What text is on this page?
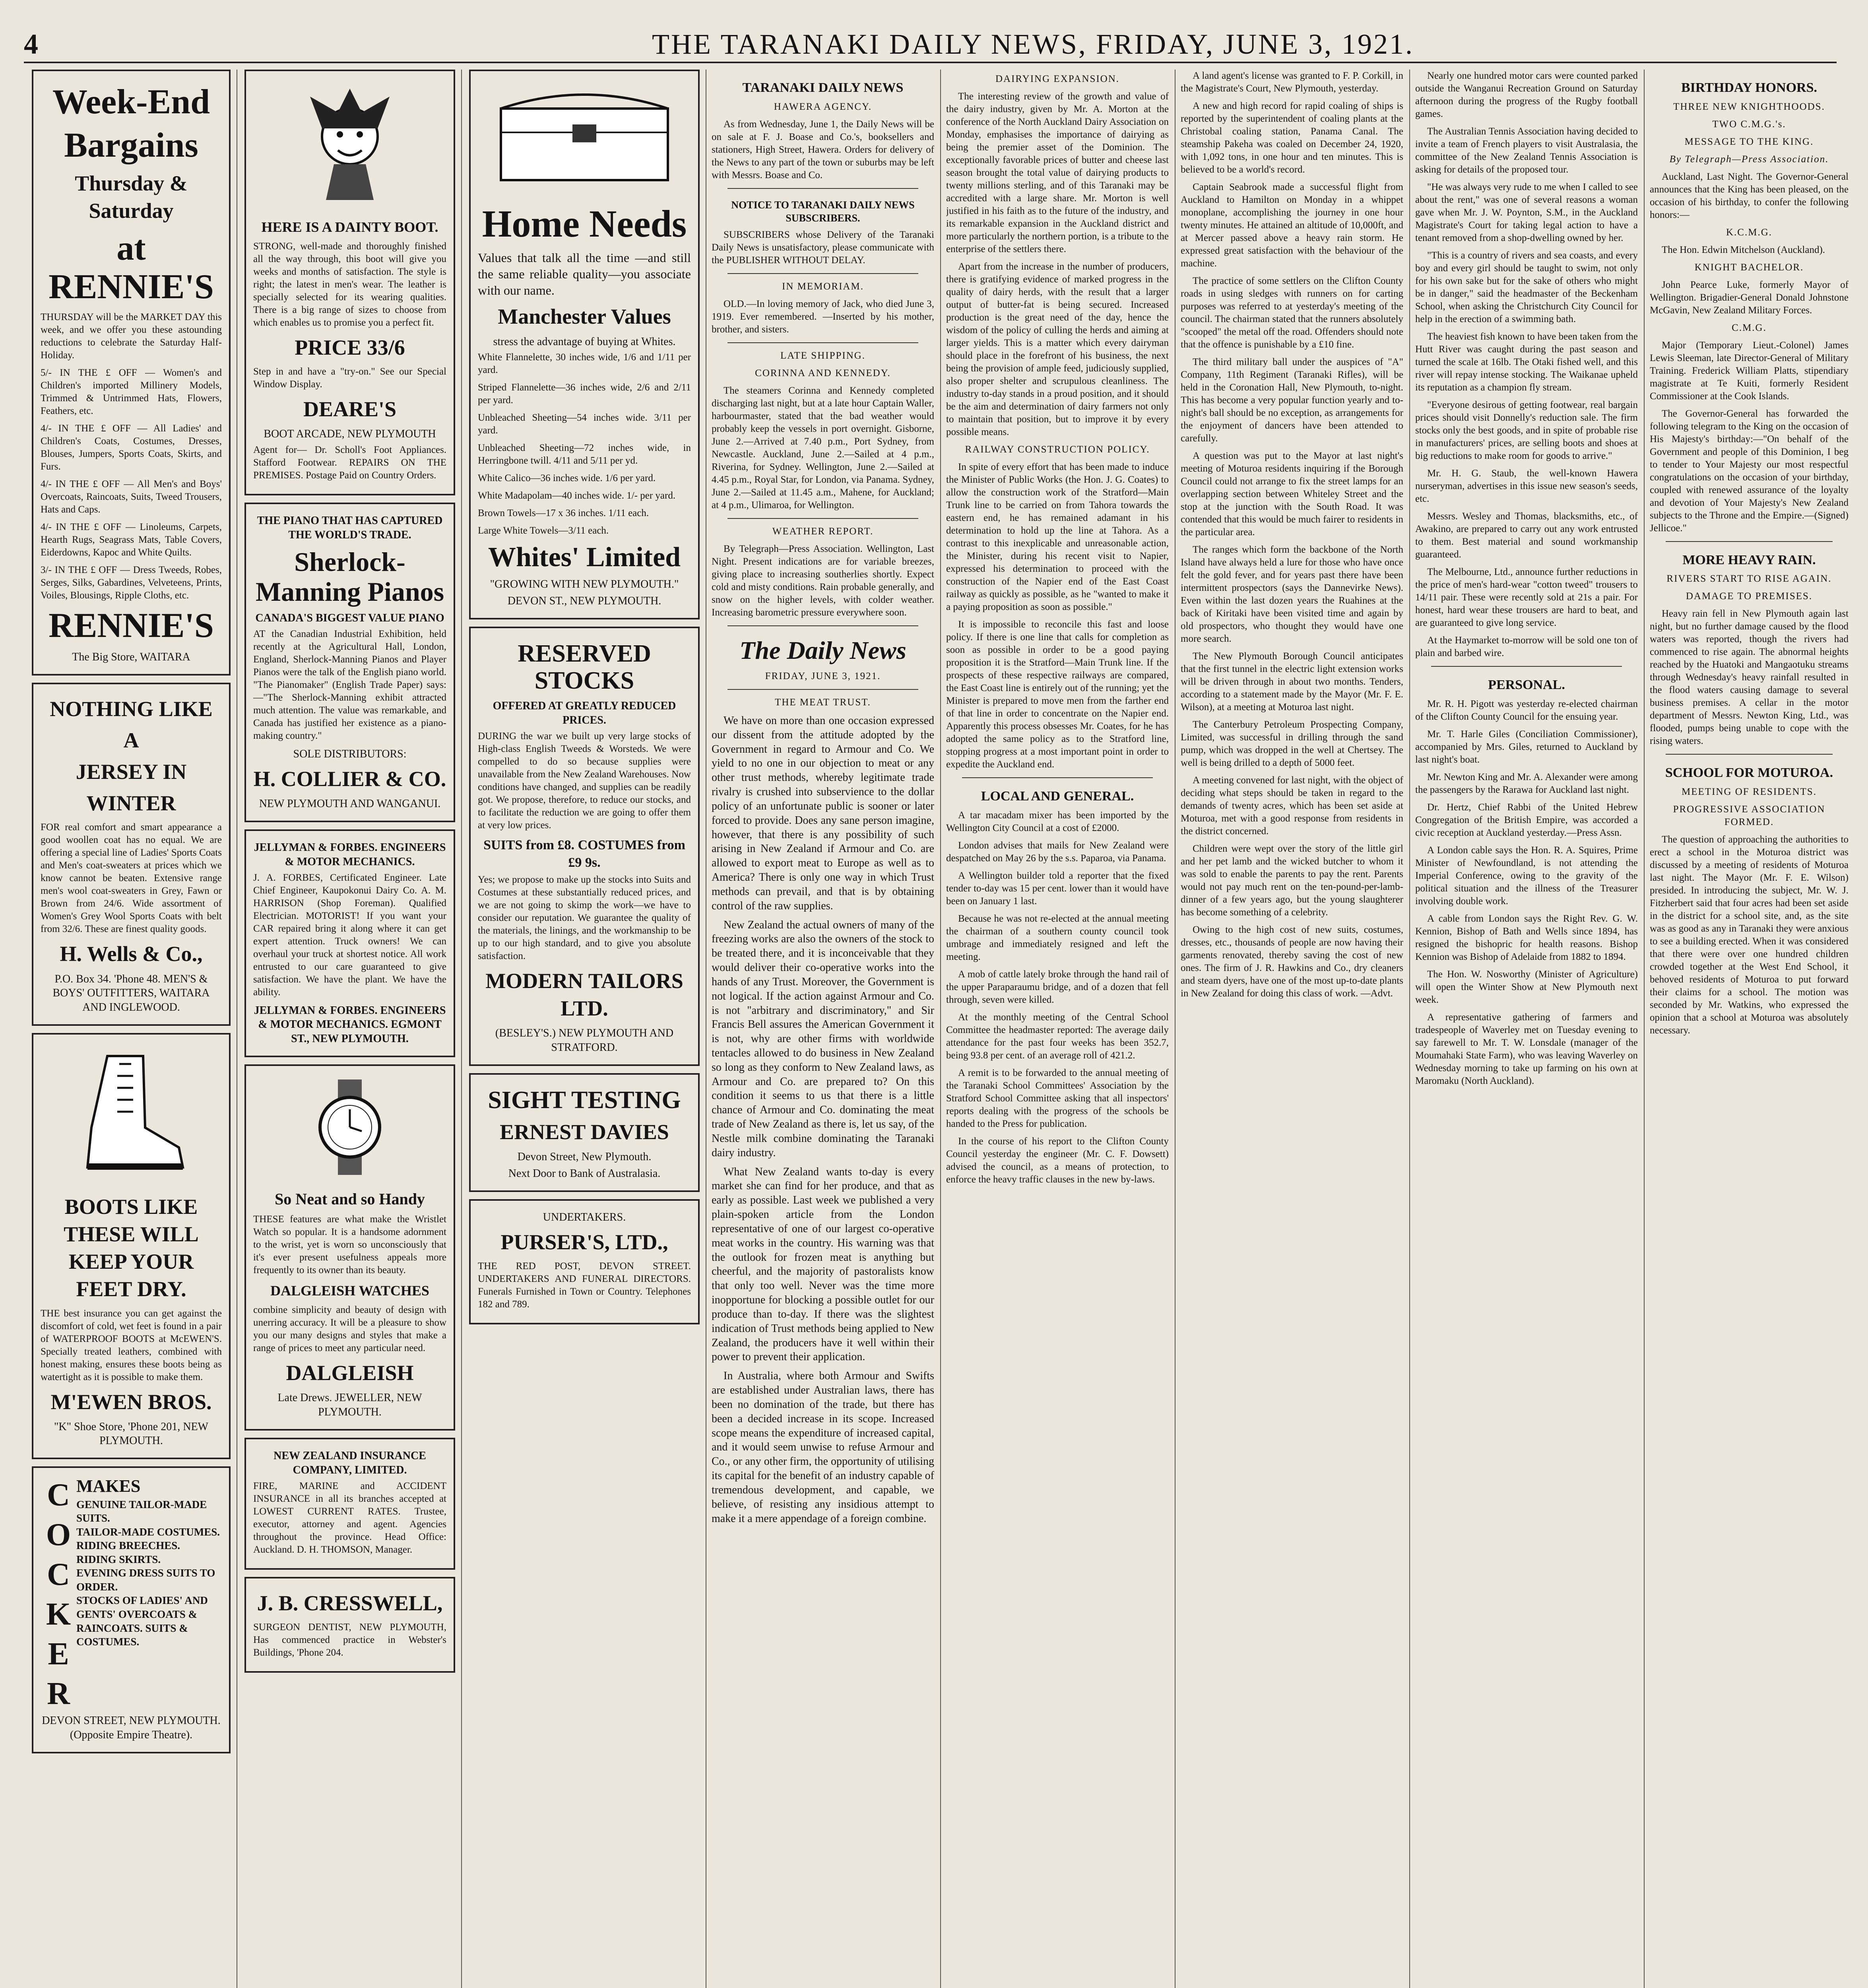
4	THE TARANAKI DAILY NEWS, FRIDAY, JUNE 3, 1921.
Week-End
Bargains
Thursday & Saturday
at RENNIE'S

THURSDAY will be the MARKET DAY this week, and we offer you these astounding reductions to celebrate the Saturday Half-Holiday.

5/- IN THE £ OFF — Women's and Children's imported Millinery Models, Trimmed & Untrimmed Hats, Flowers, Feathers, etc.

4/- IN THE £ OFF — All Ladies' and Children's Coats, Costumes, Dresses, Blouses, Jumpers, Sports Coats, Skirts, and Furs.

4/- IN THE £ OFF — All Men's and Boys' Overcoats, Raincoats, Suits, Tweed Trousers, Hats and Caps.

4/- IN THE £ OFF — Linoleums, Carpets, Hearth Rugs, Seagrass Mats, Table Covers, Eiderdowns, Kapoc and White Quilts.

3/- IN THE £ OFF — Dress Tweeds, Robes, Serges, Silks, Gabardines, Velveteens, Prints, Voiles, Blousings, Ripple Cloths, etc.

RENNIE'S
The Big Store, WAITARA
NOTHING LIKE
A
JERSEY IN
WINTER

FOR real comfort and smart appearance a good woollen coat has no equal. We are offering a special line of Ladies' Sports Coats and Men's coat-sweaters at prices which we know cannot be beaten. Extensive range men's wool coat-sweaters in Grey, Fawn or Brown from 24/6. Wide assortment of Women's Grey Wool Sports Coats with belt from 32/6. These are finest quality goods.

H. Wells & Co.,
P.O. Box 34. 'Phone 48. MEN'S & BOYS' OUTFITTERS, WAITARA AND INGLEWOOD.
BOOTS LIKE THESE WILL KEEP YOUR FEET DRY.

THE best insurance you can get against the discomfort of cold, wet feet is found in a pair of WATERPROOF BOOTS at McEWEN'S. Specially treated leathers, combined with honest making, ensures these boots being as watertight as it is possible to make them.

M'EWEN BROS.
"K" Shoe Store, 'Phone 201, NEW PLYMOUTH.
C
O
C
K
E
R
MAKES
GENUINE TAILOR-MADE SUITS.
TAILOR-MADE COSTUMES.
RIDING BREECHES.
RIDING SKIRTS.
EVENING DRESS SUITS TO ORDER.
STOCKS OF LADIES' AND GENTS' OVERCOATS & RAINCOATS. SUITS & COSTUMES.
DEVON STREET, NEW PLYMOUTH. (Opposite Empire Theatre).
HERE IS A DAINTY BOOT.

STRONG, well-made and thoroughly finished all the way through, this boot will give you weeks and months of satisfaction. The style is right; the latest in men's wear. The leather is specially selected for its wearing qualities. There is a big range of sizes to choose from which enables us to promise you a perfect fit.

PRICE 33/6

Step in and have a "try-on." See our Special Window Display.

DEARE'S
BOOT ARCADE, NEW PLYMOUTH

Agent for— Dr. Scholl's Foot Appliances. Stafford Footwear. REPAIRS ON THE PREMISES. Postage Paid on Country Orders.

THE PIANO THAT HAS CAPTURED THE WORLD'S TRADE.
Sherlock-Manning Pianos
CANADA'S BIGGEST VALUE PIANO

AT the Canadian Industrial Exhibition, held recently at the Agricultural Hall, London, England, Sherlock-Manning Pianos and Player Pianos were the talk of the English piano world. "The Pianomaker" (English Trade Paper) says:—"The Sherlock-Manning exhibit attracted much attention. The value was remarkable, and Canada has justified her existence as a piano-making country."

SOLE DISTRIBUTORS:
H. COLLIER & CO.
NEW PLYMOUTH AND WANGANUI.
JELLYMAN & FORBES. ENGINEERS & MOTOR MECHANICS.

J. A. FORBES, Certificated Engineer. Late Chief Engineer, Kaupokonui Dairy Co. A. M. HARRISON (Shop Foreman). Qualified Electrician. MOTORIST! If you want your CAR repaired bring it along where it can get expert attention. Truck owners! We can overhaul your truck at shortest notice. All work entrusted to our care guaranteed to give satisfaction. We have the plant. We have the ability.

JELLYMAN & FORBES. ENGINEERS & MOTOR MECHANICS. EGMONT ST., NEW PLYMOUTH.
So Neat and so Handy

THESE features are what make the Wristlet Watch so popular. It is a handsome adornment to the wrist, yet is worn so unconsciously that it's ever present usefulness appeals more frequently to its owner than its beauty.

DALGLEISH WATCHES

combine simplicity and beauty of design with unerring accuracy. It will be a pleasure to show you our many designs and styles that make a range of prices to meet any particular need.

DALGLEISH
Late Drews. JEWELLER, NEW PLYMOUTH.
NEW ZEALAND INSURANCE COMPANY, LIMITED.

FIRE, MARINE and ACCIDENT INSURANCE in all its branches accepted at LOWEST CURRENT RATES. Trustee, executor, attorney and agent. Agencies throughout the province. Head Office: Auckland. D. H. THOMSON, Manager.

J. B. CRESSWELL,

SURGEON DENTIST, NEW PLYMOUTH, Has commenced practice in Webster's Buildings, 'Phone 204.

Home Needs

Values that talk all the time —and still the same reliable quality—you associate with our name.

Manchester Values
stress the advantage of buying at Whites.

White Flannelette, 30 inches wide, 1/6 and 1/11 per yard.

Striped Flannelette—36 inches wide, 2/6 and 2/11 per yard.

Unbleached Sheeting—54 inches wide. 3/11 per yard.

Unbleached Sheeting—72 inches wide, in Herringbone twill. 4/11 and 5/11 per yd.

White Calico—36 inches wide. 1/6 per yard.

White Madapolam—40 inches wide. 1/- per yard.

Brown Towels—17 x 36 inches. 1/11 each.

Large White Towels—3/11 each.

Whites' Limited
"GROWING WITH NEW PLYMOUTH."
DEVON ST., NEW PLYMOUTH.
RESERVED STOCKS
OFFERED AT GREATLY REDUCED PRICES.

DURING the war we built up very large stocks of High-class English Tweeds & Worsteds. We were compelled to do so because supplies were unavailable from the New Zealand Warehouses. Now conditions have changed, and supplies can be readily got. We propose, therefore, to reduce our stocks, and to facilitate the reduction we are going to offer them at very low prices.

SUITS from £8. COSTUMES from £9 9s.

Yes; we propose to make up the stocks into Suits and Costumes at these substantially reduced prices, and we are not going to skimp the work—we have to consider our reputation. We guarantee the quality of the materials, the linings, and the workmanship to be up to our high standard, and to give you absolute satisfaction.

MODERN TAILORS LTD.
(BESLEY'S.) NEW PLYMOUTH AND STRATFORD.
SIGHT TESTING
ERNEST DAVIES
Devon Street, New Plymouth.
Next Door to Bank of Australasia.
UNDERTAKERS.
PURSER'S, LTD.,

THE RED POST, DEVON STREET. UNDERTAKERS AND FUNERAL DIRECTORS. Funerals Furnished in Town or Country. Telephones 182 and 789.

TARANAKI DAILY NEWS
HAWERA AGENCY.

As from Wednesday, June 1, the Daily News will be on sale at F. J. Boase and Co.'s, booksellers and stationers, High Street, Hawera. Orders for delivery of the News to any part of the town or suburbs may be left with Messrs. Boase and Co.

NOTICE TO TARANAKI DAILY NEWS SUBSCRIBERS.

SUBSCRIBERS whose Delivery of the Taranaki Daily News is unsatisfactory, please communicate with the PUBLISHER WITHOUT DELAY.

IN MEMORIAM.

OLD.—In loving memory of Jack, who died June 3, 1919. Ever remembered. —Inserted by his mother, brother, and sisters.

LATE SHIPPING.
CORINNA AND KENNEDY.

The steamers Corinna and Kennedy completed discharging last night, but at a late hour Captain Waller, harbourmaster, stated that the bad weather would probably keep the vessels in port overnight. Gisborne, June 2.—Arrived at 7.40 p.m., Port Sydney, from Newcastle. Auckland, June 2.—Sailed at 4 p.m., Riverina, for Sydney. Wellington, June 2.—Sailed at 4.45 p.m., Royal Star, for London, via Panama. Sydney, June 2.—Sailed at 11.45 a.m., Mahene, for Auckland; at 4 p.m., Ulimaroa, for Wellington.

WEATHER REPORT.

By Telegraph—Press Association. Wellington, Last Night. Present indications are for variable breezes, giving place to increasing southerlies shortly. Expect cold and misty conditions. Rain probable generally, and snow on the higher levels, with colder weather. Increasing barometric pressure everywhere soon.

The Daily News
FRIDAY, JUNE 3, 1921.
THE MEAT TRUST.

We have on more than one occasion expressed our dissent from the attitude adopted by the Government in regard to Armour and Co. We yield to no one in our objection to meat or any other trust methods, whereby legitimate trade rivalry is crushed into subservience to the dollar policy of an unfortunate public is sooner or later forced to provide. Does any sane person imagine, however, that there is any possibility of such arising in New Zealand if Armour and Co. are allowed to export meat to Europe as well as to America? There is only one way in which Trust methods can prevail, and that is by obtaining control of the raw supplies.

New Zealand the actual owners of many of the freezing works are also the owners of the stock to be treated there, and it is inconceivable that they would deliver their co-operative works into the hands of any Trust. Moreover, the Government is not logical. If the action against Armour and Co. is not "arbitrary and discriminatory," and Sir Francis Bell assures the American Government it is not, why are other firms with worldwide tentacles allowed to do business in New Zealand so long as they conform to New Zealand laws, as Armour and Co. are prepared to? On this condition it seems to us that there is a little chance of Armour and Co. dominating the meat trade of New Zealand as there is, let us say, of the Nestle milk combine dominating the Taranaki dairy industry.

What New Zealand wants to-day is every market she can find for her produce, and that as early as possible. Last week we published a very plain-spoken article from the London representative of one of our largest co-operative meat works in the country. His warning was that the outlook for frozen meat is anything but cheerful, and the majority of pastoralists know that only too well. Never was the time more inopportune for blocking a possible outlet for our produce than to-day. If there was the slightest indication of Trust methods being applied to New Zealand, the producers have it well within their power to prevent their application.

In Australia, where both Armour and Swifts are established under Australian laws, there has been no domination of the trade, but there has been a decided increase in its scope. Increased scope means the expenditure of increased capital, and it would seem unwise to refuse Armour and Co., or any other firm, the opportunity of utilising its capital for the benefit of an industry capable of tremendous development, and capable, we believe, of resisting any insidious attempt to make it a mere appendage of a foreign combine.

DAIRYING EXPANSION.

The interesting review of the growth and value of the dairy industry, given by Mr. A. Morton at the conference of the North Auckland Dairy Association on Monday, emphasises the importance of dairying as being the premier asset of the Dominion. The exceptionally favorable prices of butter and cheese last season brought the total value of dairying products to twenty millions sterling, and of this Taranaki may be accredited with a large share. Mr. Morton is well justified in his faith as to the future of the industry, and its remarkable expansion in the Auckland district and more particularly the northern portion, is a tribute to the enterprise of the settlers there.

Apart from the increase in the number of producers, there is gratifying evidence of marked progress in the quality of dairy herds, with the result that a larger output of butter-fat is being secured. Increased production is the great need of the day, hence the wisdom of the policy of culling the herds and aiming at larger yields. This is a matter which every dairyman should place in the forefront of his business, the next being the provision of ample feed, judiciously supplied, also proper shelter and scrupulous cleanliness. The industry to-day stands in a proud position, and it should be the aim and determination of dairy farmers not only to maintain that position, but to improve it by every possible means.

RAILWAY CONSTRUCTION POLICY.

In spite of every effort that has been made to induce the Minister of Public Works (the Hon. J. G. Coates) to allow the construction work of the Stratford—Main Trunk line to be carried on from Tahora towards the eastern end, he has remained adamant in his determination to hold up the line at Tahora. As a contrast to this inexplicable and unreasonable action, the Minister, during his recent visit to Napier, expressed his determination to proceed with the construction of the Napier end of the East Coast railway as quickly as possible, as he "wanted to make it a paying proposition as soon as possible."

It is impossible to reconcile this fast and loose policy. If there is one line that calls for completion as soon as possible in order to be a good paying proposition it is the Stratford—Main Trunk line. If the prospects of these respective railways are compared, the East Coast line is entirely out of the running; yet the Minister is prepared to move men from the farther end of that line in order to concentrate on the Napier end. Apparently this process obsesses Mr. Coates, for he has adopted the same policy as to the Stratford line, stopping progress at a most important point in order to expedite the Auckland end.

LOCAL AND GENERAL.

A tar macadam mixer has been imported by the Wellington City Council at a cost of £2000.

London advises that mails for New Zealand were despatched on May 26 by the s.s. Paparoa, via Panama.

A Wellington builder told a reporter that the fixed tender to-day was 15 per cent. lower than it would have been on January 1 last.

Because he was not re-elected at the annual meeting the chairman of a southern county council took umbrage and immediately resigned and left the meeting.

A mob of cattle lately broke through the hand rail of the upper Paraparaumu bridge, and of a dozen that fell through, seven were killed.

At the monthly meeting of the Central School Committee the headmaster reported: The average daily attendance for the past four weeks has been 352.7, being 93.8 per cent. of an average roll of 421.2.

A remit is to be forwarded to the annual meeting of the Taranaki School Committees' Association by the Stratford School Committee asking that all inspectors' reports dealing with the progress of the schools be handed to the Press for publication.

In the course of his report to the Clifton County Council yesterday the engineer (Mr. C. F. Dowsett) advised the council, as a means of protection, to enforce the heavy traffic clauses in the new by-laws.

A land agent's license was granted to F. P. Corkill, in the Magistrate's Court, New Plymouth, yesterday.

A new and high record for rapid coaling of ships is reported by the superintendent of coaling plants at the Christobal coaling station, Panama Canal. The steamship Pakeha was coaled on December 24, 1920, with 1,092 tons, in one hour and ten minutes. This is believed to be a world's record.

Captain Seabrook made a successful flight from Auckland to Hamilton on Monday in a whippet monoplane, accomplishing the journey in one hour twenty minutes. He attained an altitude of 10,000ft, and at Mercer passed above a heavy rain storm. He expressed great satisfaction with the behaviour of the machine.

The practice of some settlers on the Clifton County roads in using sledges with runners on for carting purposes was referred to at yesterday's meeting of the council. The chairman stated that the runners absolutely "scooped" the metal off the road. Offenders should note that the offence is punishable by a £10 fine.

The third military ball under the auspices of "A" Company, 11th Regiment (Taranaki Rifles), will be held in the Coronation Hall, New Plymouth, to-night. This has become a very popular function yearly and to-night's ball should be no exception, as arrangements for the enjoyment of dancers have been attended to carefully.

A question was put to the Mayor at last night's meeting of Moturoa residents inquiring if the Borough Council could not arrange to fix the street lamps for an overlapping section between Whiteley Street and the stop at the junction with the South Road. It was contended that this would be much fairer to residents in the particular area.

The ranges which form the backbone of the North Island have always held a lure for those who have once felt the gold fever, and for years past there have been intermittent prospectors (says the Dannevirke News). Even within the last dozen years the Ruahines at the back of Kiritaki have been visited time and again by old prospectors, who thought they would have one more search.

The New Plymouth Borough Council anticipates that the first tunnel in the electric light extension works will be driven through in about two months. Tenders, according to a statement made by the Mayor (Mr. F. E. Wilson), at a meeting at Moturoa last night.

The Canterbury Petroleum Prospecting Company, Limited, was successful in drilling through the sand pump, which was dropped in the well at Chertsey. The well is being drilled to a depth of 5000 feet.

A meeting convened for last night, with the object of deciding what steps should be taken in regard to the demands of twenty acres, which has been set aside at Moturoa, met with a good response from residents in the district concerned.

Children were wept over the story of the little girl and her pet lamb and the wicked butcher to whom it was sold to enable the parents to pay the rent. Parents would not pay much rent on the ten-pound-per-lamb-dinner of a few years ago, but the young slaughterer has become something of a celebrity.

Owing to the high cost of new suits, costumes, dresses, etc., thousands of people are now having their garments renovated, thereby saving the cost of new ones. The firm of J. R. Hawkins and Co., dry cleaners and steam dyers, have one of the most up-to-date plants in New Zealand for doing this class of work. —Advt.

Nearly one hundred motor cars were counted parked outside the Wanganui Recreation Ground on Saturday afternoon during the progress of the Rugby football games.

The Australian Tennis Association having decided to invite a team of French players to visit Australasia, the committee of the New Zealand Tennis Association is asking for details of the proposed tour.

"He was always very rude to me when I called to see about the rent," was one of several reasons a woman gave when Mr. J. W. Poynton, S.M., in the Auckland Magistrate's Court for taking legal action to have a tenant removed from a shop-dwelling owned by her.

"This is a country of rivers and sea coasts, and every boy and every girl should be taught to swim, not only for his own sake but for the sake of others who might be in danger," said the headmaster of the Beckenham School, when asking the Christchurch City Council for help in the erection of a swimming bath.

The heaviest fish known to have been taken from the Hutt River was caught during the past season and turned the scale at 16lb. The Otaki fished well, and this river will repay intense stocking. The Waikanae upheld its reputation as a champion fly stream.

"Everyone desirous of getting footwear, real bargain prices should visit Donnelly's reduction sale. The firm stocks only the best goods, and in spite of probable rise in manufacturers' prices, are selling boots and shoes at big reductions to make room for goods to arrive."

Mr. H. G. Staub, the well-known Hawera nurseryman, advertises in this issue new season's seeds, etc.

Messrs. Wesley and Thomas, blacksmiths, etc., of Awakino, are prepared to carry out any work entrusted to them. Best material and sound workmanship guaranteed.

The Melbourne, Ltd., announce further reductions in the price of men's hard-wear "cotton tweed" trousers to 14/11 pair. These were recently sold at 21s a pair. For honest, hard wear these trousers are hard to beat, and are guaranteed to give long service.

At the Haymarket to-morrow will be sold one ton of plain and barbed wire.

PERSONAL.

Mr. R. H. Pigott was yesterday re-elected chairman of the Clifton County Council for the ensuing year.

Mr. T. Harle Giles (Conciliation Commissioner), accompanied by Mrs. Giles, returned to Auckland by last night's boat.

Mr. Newton King and Mr. A. Alexander were among the passengers by the Rarawa for Auckland last night.

Dr. Hertz, Chief Rabbi of the United Hebrew Congregation of the British Empire, was accorded a civic reception at Auckland yesterday.—Press Assn.

A London cable says the Hon. R. A. Squires, Prime Minister of Newfoundland, is not attending the Imperial Conference, owing to the gravity of the political situation and the illness of the Treasurer involving double work.

A cable from London says the Right Rev. G. W. Kennion, Bishop of Bath and Wells since 1894, has resigned the bishopric for health reasons. Bishop Kennion was Bishop of Adelaide from 1882 to 1894.

The Hon. W. Nosworthy (Minister of Agriculture) will open the Winter Show at New Plymouth next week.

A representative gathering of farmers and tradespeople of Waverley met on Tuesday evening to say farewell to Mr. T. W. Lonsdale (manager of the Moumahaki State Farm), who was leaving Waverley on Wednesday morning to take up farming on his own at Maromaku (North Auckland).

BIRTHDAY HONORS.
THREE NEW KNIGHTHOODS.
TWO C.M.G.'s.
MESSAGE TO THE KING.
By Telegraph—Press Association.

Auckland, Last Night. The Governor-General announces that the King has been pleased, on the occasion of his birthday, to confer the following honors:—

K.C.M.G.

The Hon. Edwin Mitchelson (Auckland).

KNIGHT BACHELOR.

John Pearce Luke, formerly Mayor of Wellington. Brigadier-General Donald Johnstone McGavin, New Zealand Military Forces.

C.M.G.

Major (Temporary Lieut.-Colonel) James Lewis Sleeman, late Director-General of Military Training. Frederick William Platts, stipendiary magistrate at Te Kuiti, formerly Resident Commissioner at the Cook Islands.

The Governor-General has forwarded the following telegram to the King on the occasion of His Majesty's birthday:—"On behalf of the Government and people of this Dominion, I beg to tender to Your Majesty our most respectful congratulations on the occasion of your birthday, coupled with renewed assurance of the loyalty and devotion of Your Majesty's New Zealand subjects to the Throne and the Empire.—(Signed) Jellicoe."

MORE HEAVY RAIN.
RIVERS START TO RISE AGAIN.
DAMAGE TO PREMISES.

Heavy rain fell in New Plymouth again last night, but no further damage caused by the flood waters was reported, though the rivers had commenced to rise again. The abnormal heights reached by the Huatoki and Mangaotuku streams through Wednesday's heavy rainfall resulted in the flood waters causing damage to several business premises. A cellar in the motor department of Messrs. Newton King, Ltd., was flooded, pumps being unable to cope with the rising waters.

SCHOOL FOR MOTUROA.
MEETING OF RESIDENTS.
PROGRESSIVE ASSOCIATION FORMED.

The question of approaching the authorities to erect a school in the Moturoa district was discussed by a meeting of residents of Moturoa last night. The Mayor (Mr. F. E. Wilson) presided. In introducing the subject, Mr. W. J. Fitzherbert said that four acres had been set aside in the district for a school site, and, as the site was as good as any in Taranaki they were anxious to see a building erected. When it was considered that there were over one hundred children crowded together at the West End School, it behoved residents of Moturoa to put forward their claims for a school. The motion was seconded by Mr. Watkins, who expressed the opinion that a school at Moturoa was absolutely necessary.
